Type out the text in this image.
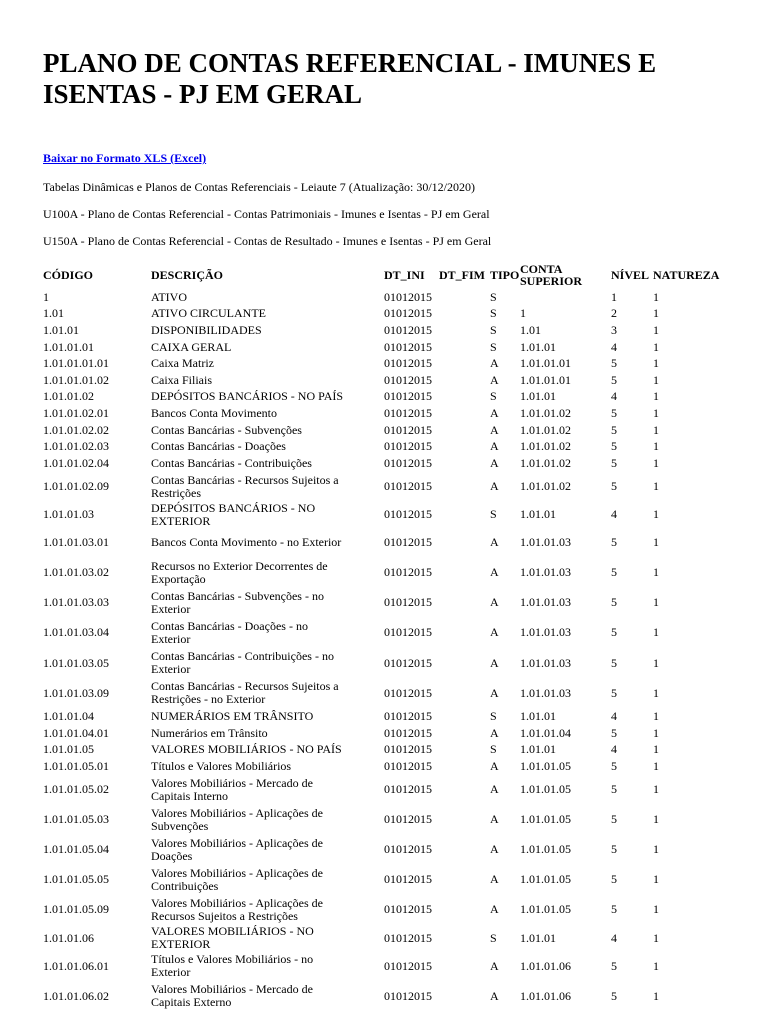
PLANO DE CONTAS REFERENCIAL - IMUNES E ISENTAS - PJ EM GERAL
Baixar no Formato XLS (Excel)
Tabelas Dinâmicas e Planos de Contas Referenciais - Leiaute 7 (Atualização: 30/12/2020)
U100A - Plano de Contas Referencial - Contas Patrimoniais - Imunes e Isentas - PJ em Geral
U150A - Plano de Contas Referencial - Contas de Resultado - Imunes e Isentas - PJ em Geral
CÓDIGO	DESCRIÇÃO	DT_INI	DT_FIM	TIPO	CONTA SUPERIOR	NÍVEL	NATUREZA
1	ATIVO	01012015		S		1	1
1.01	ATIVO CIRCULANTE	01012015		S	1	2	1
1.01.01	DISPONIBILIDADES	01012015		S	1.01	3	1
1.01.01.01	CAIXA GERAL	01012015		S	1.01.01	4	1
1.01.01.01.01	Caixa Matriz	01012015		A	1.01.01.01	5	1
1.01.01.01.02	Caixa Filiais	01012015		A	1.01.01.01	5	1
1.01.01.02	DEPÓSITOS BANCÁRIOS - NO PAÍS	01012015		S	1.01.01	4	1
1.01.01.02.01	Bancos Conta Movimento	01012015		A	1.01.01.02	5	1
1.01.01.02.02	Contas Bancárias - Subvenções	01012015		A	1.01.01.02	5	1
1.01.01.02.03	Contas Bancárias - Doações	01012015		A	1.01.01.02	5	1
1.01.01.02.04	Contas Bancárias - Contribuições	01012015		A	1.01.01.02	5	1
1.01.01.02.09	Contas Bancárias - Recursos Sujeitos a Restrições	01012015		A	1.01.01.02	5	1
1.01.01.03	DEPÓSITOS BANCÁRIOS - NO EXTERIOR	01012015		S	1.01.01	4	1
1.01.01.03.01	Bancos Conta Movimento - no Exterior	01012015		A	1.01.01.03	5	1
1.01.01.03.02	Recursos no Exterior Decorrentes de Exportação	01012015		A	1.01.01.03	5	1
1.01.01.03.03	Contas Bancárias - Subvenções - no Exterior	01012015		A	1.01.01.03	5	1
1.01.01.03.04	Contas Bancárias - Doações - no Exterior	01012015		A	1.01.01.03	5	1
1.01.01.03.05	Contas Bancárias - Contribuições - no Exterior	01012015		A	1.01.01.03	5	1
1.01.01.03.09	Contas Bancárias - Recursos Sujeitos a Restrições - no Exterior	01012015		A	1.01.01.03	5	1
1.01.01.04	NUMERÁRIOS EM TRÂNSITO	01012015		S	1.01.01	4	1
1.01.01.04.01	Numerários em Trânsito	01012015		A	1.01.01.04	5	1
1.01.01.05	VALORES MOBILIÁRIOS - NO PAÍS	01012015		S	1.01.01	4	1
1.01.01.05.01	Títulos e Valores Mobiliários	01012015		A	1.01.01.05	5	1
1.01.01.05.02	Valores Mobiliários - Mercado de Capitais Interno	01012015		A	1.01.01.05	5	1
1.01.01.05.03	Valores Mobiliários - Aplicações de Subvenções	01012015		A	1.01.01.05	5	1
1.01.01.05.04	Valores Mobiliários - Aplicações de Doações	01012015		A	1.01.01.05	5	1
1.01.01.05.05	Valores Mobiliários - Aplicações de Contribuições	01012015		A	1.01.01.05	5	1
1.01.01.05.09	Valores Mobiliários - Aplicações de Recursos Sujeitos a Restrições	01012015		A	1.01.01.05	5	1
1.01.01.06	VALORES MOBILIÁRIOS - NO EXTERIOR	01012015		S	1.01.01	4	1
1.01.01.06.01	Títulos e Valores Mobiliários - no Exterior	01012015		A	1.01.01.06	5	1
1.01.01.06.02	Valores Mobiliários - Mercado de Capitais Externo	01012015		A	1.01.01.06	5	1
